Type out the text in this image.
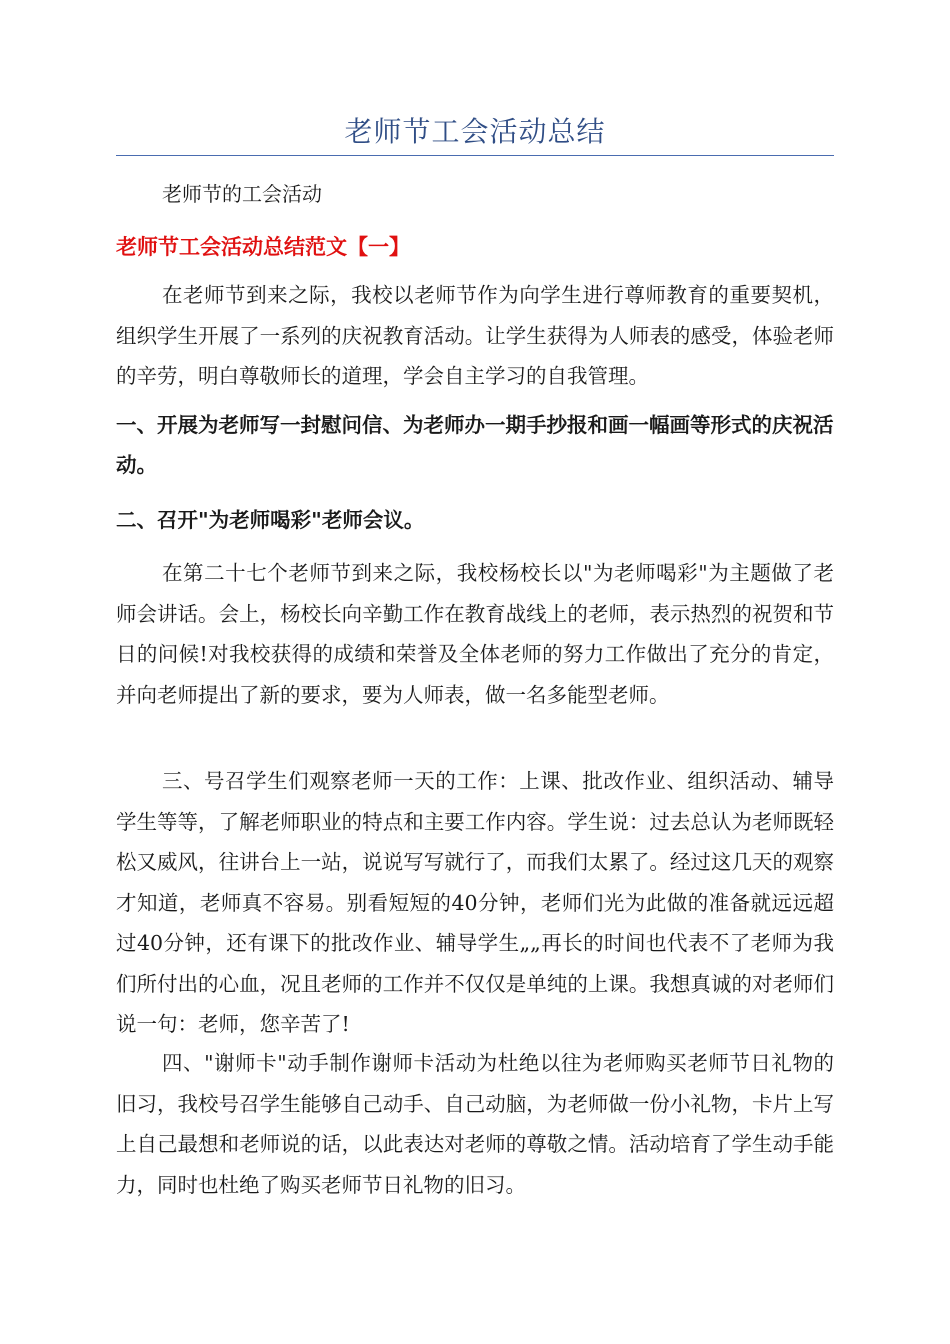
老师节工会活动总结
老师节的工会活动
老师节工会活动总结范文【一】

在老师节到来之际，我校以老师节作为向学生进行尊师教育的重要契机，组织学生开展了一系列的庆祝教育活动。让学生获得为人师表的感受，体验老师的辛劳，明白尊敬师长的道理，学会自主学习的自我管理。

一、开展为老师写一封慰问信、为老师办一期手抄报和画一幅画等形式的庆祝活动。

二、召开"为老师喝彩"老师会议。

在第二十七个老师节到来之际，我校杨校长以"为老师喝彩"为主题做了老师会讲话。会上，杨校长向辛勤工作在教育战线上的老师，表示热烈的祝贺和节日的问候!对我校获得的成绩和荣誉及全体老师的努力工作做出了充分的肯定，并向老师提出了新的要求，要为人师表，做一名多能型老师。

三、号召学生们观察老师一天的工作：上课、批改作业、组织活动、辅导学生等等，了解老师职业的特点和主要工作内容。学生说：过去总认为老师既轻松又威风，往讲台上一站，说说写写就行了，而我们太累了。经过这几天的观察才知道，老师真不容易。别看短短的40分钟，老师们光为此做的准备就远远超过40分钟，还有课下的批改作业、辅导学生„„再长的时间也代表不了老师为我们所付出的心血，况且老师的工作并不仅仅是单纯的上课。我想真诚的对老师们说一句：老师，您辛苦了!

四、"谢师卡"动手制作谢师卡活动为杜绝以往为老师购买老师节日礼物的旧习，我校号召学生能够自己动手、自己动脑，为老师做一份小礼物，卡片上写上自己最想和老师说的话，以此表达对老师的尊敬之情。活动培育了学生动手能力，同时也杜绝了购买老师节日礼物的旧习。
